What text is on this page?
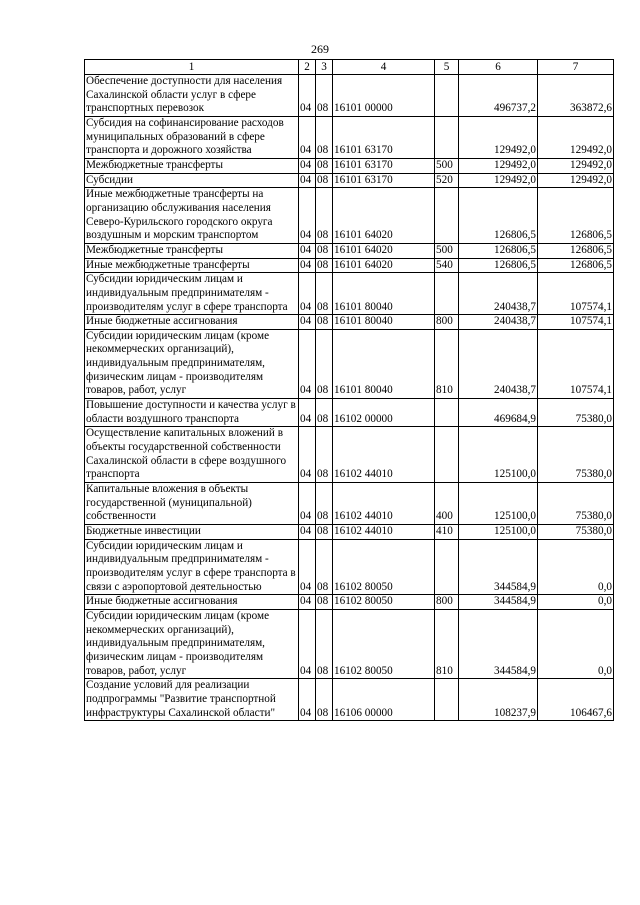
269
1	2	3	4	5	6	7
Обеспечение доступности для населения Сахалинской области услуг в сфере транспортных перевозок	04	08	16101 00000		496737,2	363872,6
Субсидия на софинансирование расходов муниципальных образований в сфере транспорта и дорожного хозяйства	04	08	16101 63170		129492,0	129492,0
Межбюджетные трансферты	04	08	16101 63170	500	129492,0	129492,0
Субсидии	04	08	16101 63170	520	129492,0	129492,0
Иные межбюджетные трансферты на организацию обслуживания населения Северо-Курильского городского округа воздушным и морским транспортом	04	08	16101 64020		126806,5	126806,5
Межбюджетные трансферты	04	08	16101 64020	500	126806,5	126806,5
Иные межбюджетные трансферты	04	08	16101 64020	540	126806,5	126806,5
Субсидии юридическим лицам и индивидуальным предпринимателям - производителям услуг в сфере транспорта	04	08	16101 80040		240438,7	107574,1
Иные бюджетные ассигнования	04	08	16101 80040	800	240438,7	107574,1
Субсидии юридическим лицам (кроме некоммерческих организаций), индивидуальным предпринимателям, физическим лицам - производителям товаров, работ, услуг	04	08	16101 80040	810	240438,7	107574,1
Повышение доступности и качества услуг в области воздушного транспорта	04	08	16102 00000		469684,9	75380,0
Осуществление капитальных вложений в объекты государственной собственности Сахалинской области в сфере воздушного транспорта	04	08	16102 44010		125100,0	75380,0
Капитальные вложения в объекты государственной (муниципальной) собственности	04	08	16102 44010	400	125100,0	75380,0
Бюджетные инвестиции	04	08	16102 44010	410	125100,0	75380,0
Субсидии юридическим лицам и индивидуальным предпринимателям - производителям услуг в сфере транспорта в связи с аэропортовой деятельностью	04	08	16102 80050		344584,9	0,0
Иные бюджетные ассигнования	04	08	16102 80050	800	344584,9	0,0
Субсидии юридическим лицам (кроме некоммерческих организаций), индивидуальным предпринимателям, физическим лицам - производителям товаров, работ, услуг	04	08	16102 80050	810	344584,9	0,0
Создание условий для реализации подпрограммы "Развитие транспортной инфраструктуры Сахалинской области"	04	08	16106 00000		108237,9	106467,6
